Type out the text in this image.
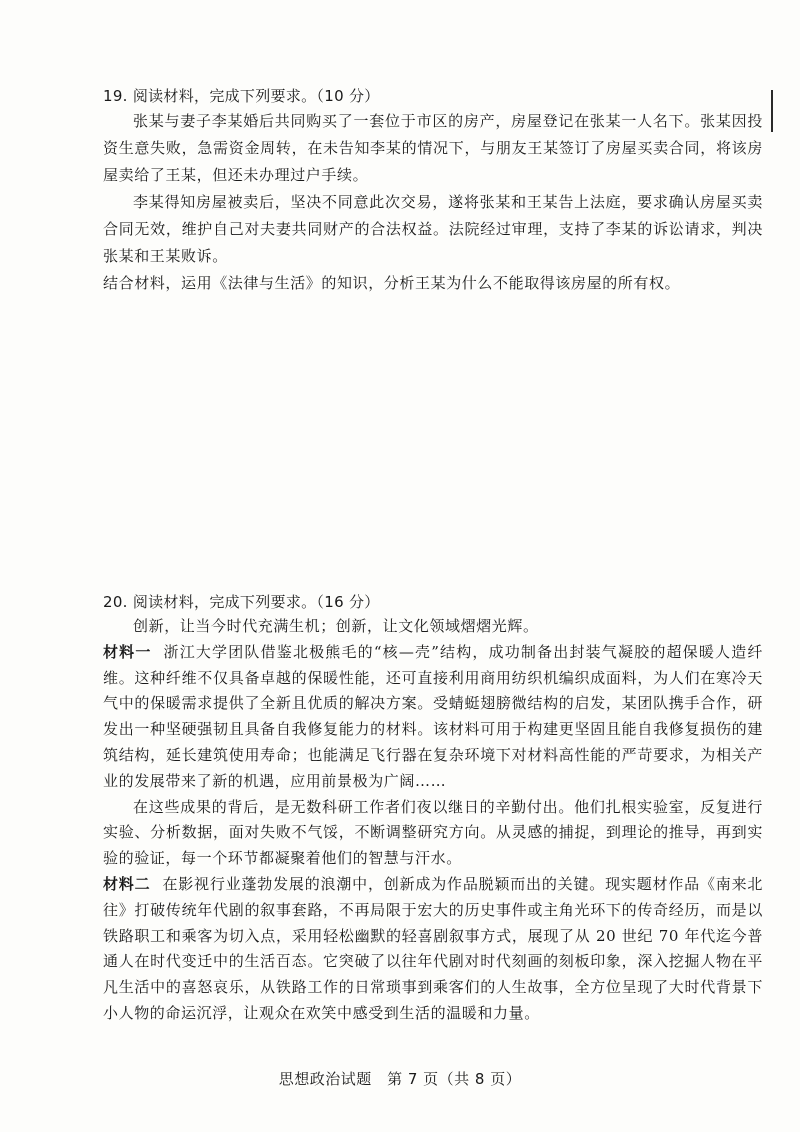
19. 阅读材料，完成下列要求。（10 分）

张某与妻子李某婚后共同购买了一套位于市区的房产，房屋登记在张某一人名下。张某因投资生意失败，急需资金周转，在未告知李某的情况下，与朋友王某签订了房屋买卖合同，将该房屋卖给了王某，但还未办理过户手续。

李某得知房屋被卖后，坚决不同意此次交易，遂将张某和王某告上法庭，要求确认房屋买卖合同无效，维护自己对夫妻共同财产的合法权益。法院经过审理，支持了李某的诉讼请求，判决张某和王某败诉。

结合材料，运用《法律与生活》的知识，分析王某为什么不能取得该房屋的所有权。

20. 阅读材料，完成下列要求。（16 分）

创新，让当今时代充满生机；创新，让文化领域熠熠光辉。

材料一 浙江大学团队借鉴北极熊毛的“核—壳”结构，成功制备出封装气凝胶的超保暖人造纤维。这种纤维不仅具备卓越的保暖性能，还可直接利用商用纺织机编织成面料，为人们在寒冷天气中的保暖需求提供了全新且优质的解决方案。受蜻蜓翅膀微结构的启发，某团队携手合作，研发出一种坚硬强韧且具备自我修复能力的材料。该材料可用于构建更坚固且能自我修复损伤的建筑结构，延长建筑使用寿命；也能满足飞行器在复杂环境下对材料高性能的严苛要求，为相关产业的发展带来了新的机遇，应用前景极为广阔……

在这些成果的背后，是无数科研工作者们夜以继日的辛勤付出。他们扎根实验室，反复进行实验、分析数据，面对失败不气馁，不断调整研究方向。从灵感的捕捉，到理论的推导，再到实验的验证，每一个环节都凝聚着他们的智慧与汗水。

材料二 在影视行业蓬勃发展的浪潮中，创新成为作品脱颖而出的关键。现实题材作品《南来北往》打破传统年代剧的叙事套路，不再局限于宏大的历史事件或主角光环下的传奇经历，而是以铁路职工和乘客为切入点，采用轻松幽默的轻喜剧叙事方式，展现了从 20 世纪 70 年代迄今普通人在时代变迁中的生活百态。它突破了以往年代剧对时代刻画的刻板印象，深入挖掘人物在平凡生活中的喜怒哀乐，从铁路工作的日常琐事到乘客们的人生故事，全方位呈现了大时代背景下小人物的命运沉浮，让观众在欢笑中感受到生活的温暖和力量。

思想政治试题 第 7 页（共 8 页）
